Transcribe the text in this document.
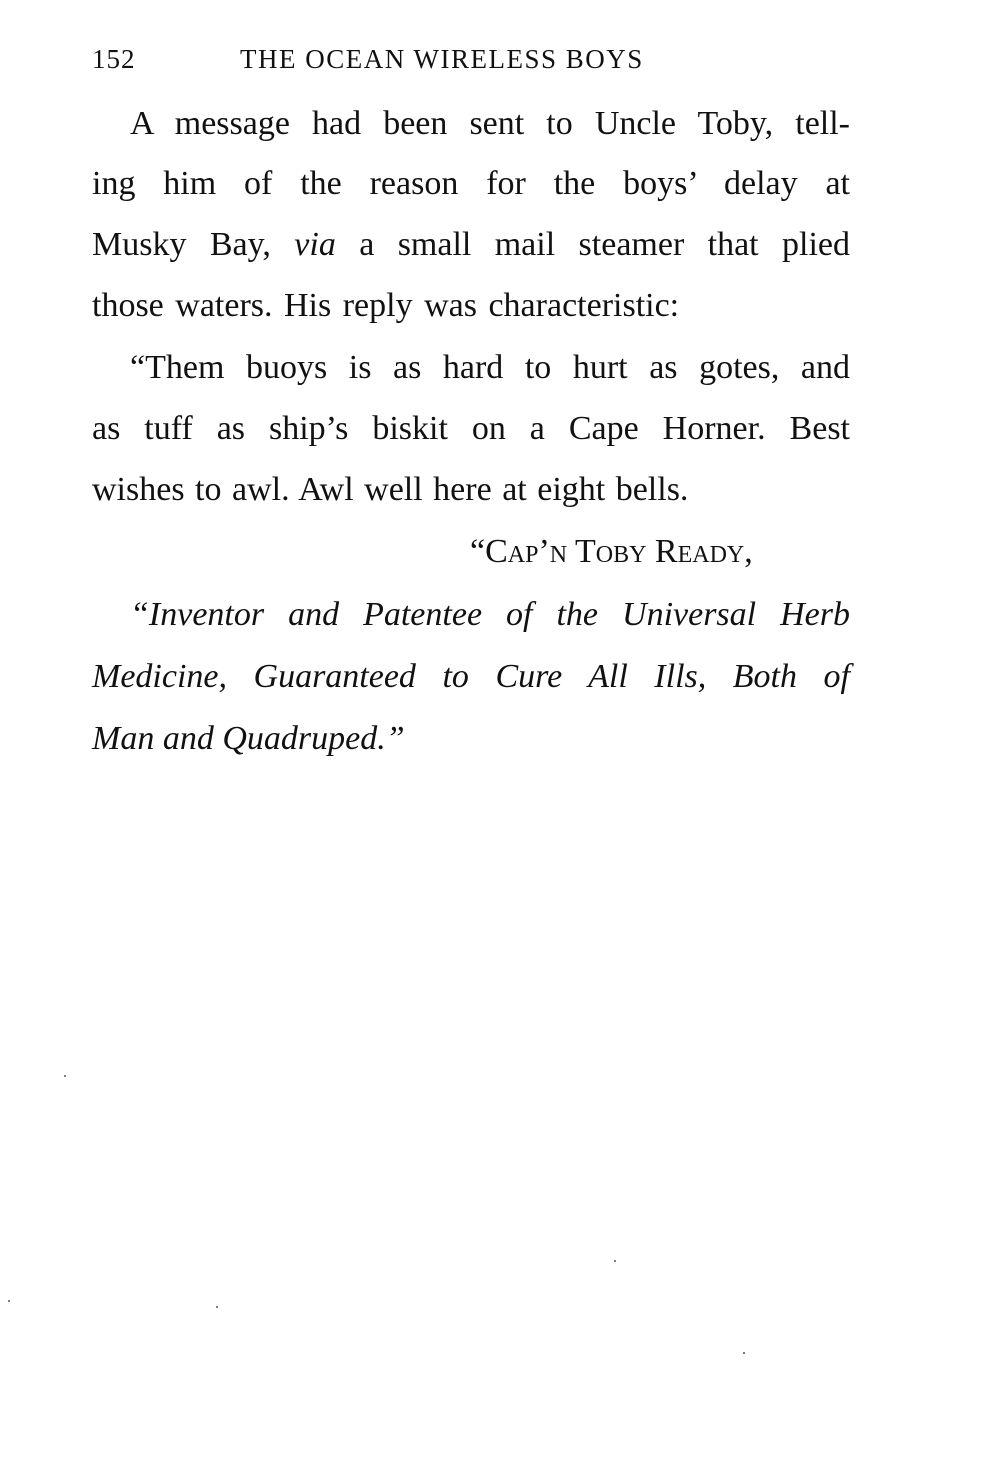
152	THE OCEAN WIRELESS BOYS
A message had been sent to Uncle Toby, tell-
ing him of the reason for the boys’ delay at
Musky Bay, via a small mail steamer that plied
those waters. His reply was characteristic:
“Them buoys is as hard to hurt as gotes, and
as tuff as ship’s biskit on a Cape Horner. Best
wishes to awl. Awl well here at eight bells.
“Cap’n Toby Ready,
“Inventor and Patentee of the Universal Herb
Medicine, Guaranteed to Cure All Ills, Both of
Man and Quadruped.”
